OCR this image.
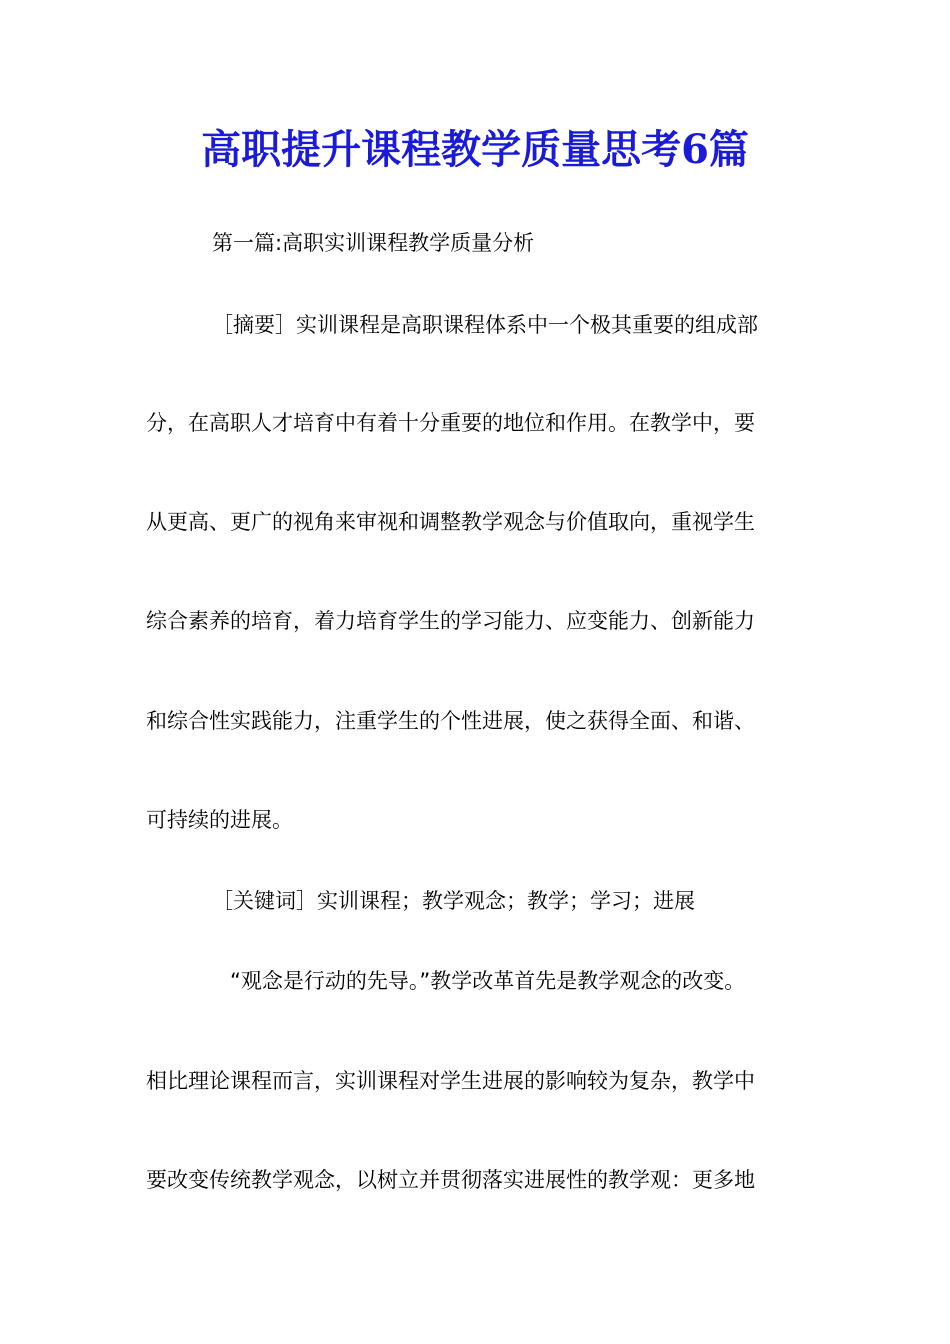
高职提升课程教学质量思考6篇
第一篇:高职实训课程教学质量分析
［摘要］实训课程是高职课程体系中一个极其重要的组成部
分，在高职人才培育中有着十分重要的地位和作用。在教学中，要
从更高、更广的视角来审视和调整教学观念与价值取向，重视学生
综合素养的培育，着力培育学生的学习能力、应变能力、创新能力
和综合性实践能力，注重学生的个性进展，使之获得全面、和谐、
可持续的进展。
［关键词］实训课程；教学观念；教学；学习；进展
“观念是行动的先导。”教学改革首先是教学观念的改变。
相比理论课程而言，实训课程对学生进展的影响较为复杂，教学中
要改变传统教学观念，以树立并贯彻落实进展性的教学观：更多地
